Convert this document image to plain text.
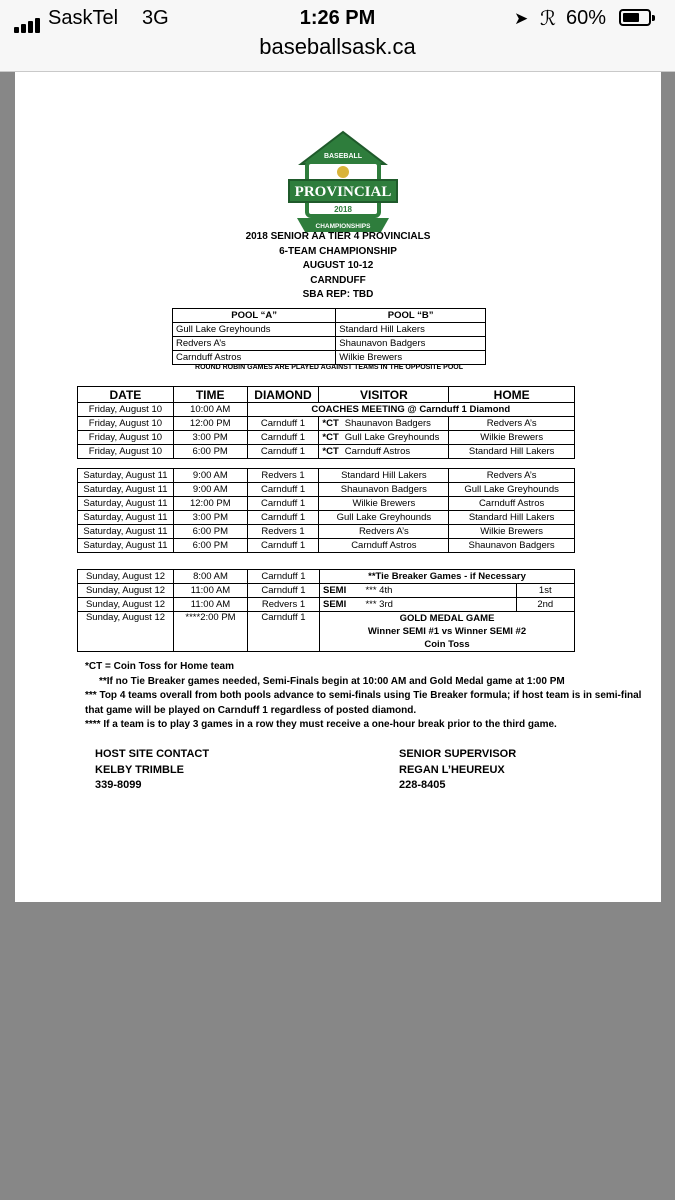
SaskTel 3G	1:26 PM	➤ ℛ 60%
baseballsask.ca
BASEBALL
PROVINCIAL
2018
CHAMPIONSHIPS
2018 SENIOR AA TIER 4 PROVINCIALS
6-TEAM CHAMPIONSHIP
AUGUST 10-12
CARNDUFF
SBA REP: TBD
POOL “A”	POOL “B”
Gull Lake Greyhounds	Standard Hill Lakers
Redvers A’s	Shaunavon Badgers
Carnduff Astros	Wilkie Brewers
ROUND ROBIN GAMES ARE PLAYED AGAINST TEAMS IN THE OPPOSITE POOL
DATE	TIME	DIAMOND	VISITOR	HOME
Friday, August 10	10:00 AM	COACHES MEETING @ Carnduff 1 Diamond		
Friday, August 10	12:00 PM	Carnduff 1	*CT Shaunavon Badgers	Redvers A’s
Friday, August 10	3:00 PM	Carnduff 1	*CT Gull Lake Greyhounds	Wilkie Brewers
Friday, August 10	6:00 PM	Carnduff 1	*CT Carnduff Astros	Standard Hill Lakers
Saturday, August 11	9:00 AM	Redvers 1	Standard Hill Lakers	Redvers A’s
Saturday, August 11	9:00 AM	Carnduff 1	Shaunavon Badgers	Gull Lake Greyhounds
Saturday, August 11	12:00 PM	Carnduff 1	Wilkie Brewers	Carnduff Astros
Saturday, August 11	3:00 PM	Carnduff 1	Gull Lake Greyhounds	Standard Hill Lakers
Saturday, August 11	6:00 PM	Redvers 1	Redvers A’s	Wilkie Brewers
Saturday, August 11	6:00 PM	Carnduff 1	Carnduff Astros	Shaunavon Badgers
Sunday, August 12	8:00 AM	Carnduff 1	**Tie Breaker Games - if Necessary	
Sunday, August 12	11:00 AM	Carnduff 1	SEMI *** 4th	1st
Sunday, August 12	11:00 AM	Redvers 1	SEMI *** 3rd	2nd
Sunday, August 12	****2:00 PM	Carnduff 1	GOLD MEDAL GAME
Winner SEMI #1 vs Winner SEMI #2
Coin Toss	
*CT = Coin Toss for Home team
**If no Tie Breaker games needed, Semi-Finals begin at 10:00 AM and Gold Medal game at 1:00 PM
*** Top 4 teams overall from both pools advance to semi-finals using Tie Breaker formula; if host team is in semi-final that game will be played on Carnduff 1 regardless of posted diamond.
**** If a team is to play 3 games in a row they must receive a one-hour break prior to the third game.
HOST SITE CONTACT
KELBY TRIMBLE
339-8099
SENIOR SUPERVISOR
REGAN L’HEUREUX
228-8405
